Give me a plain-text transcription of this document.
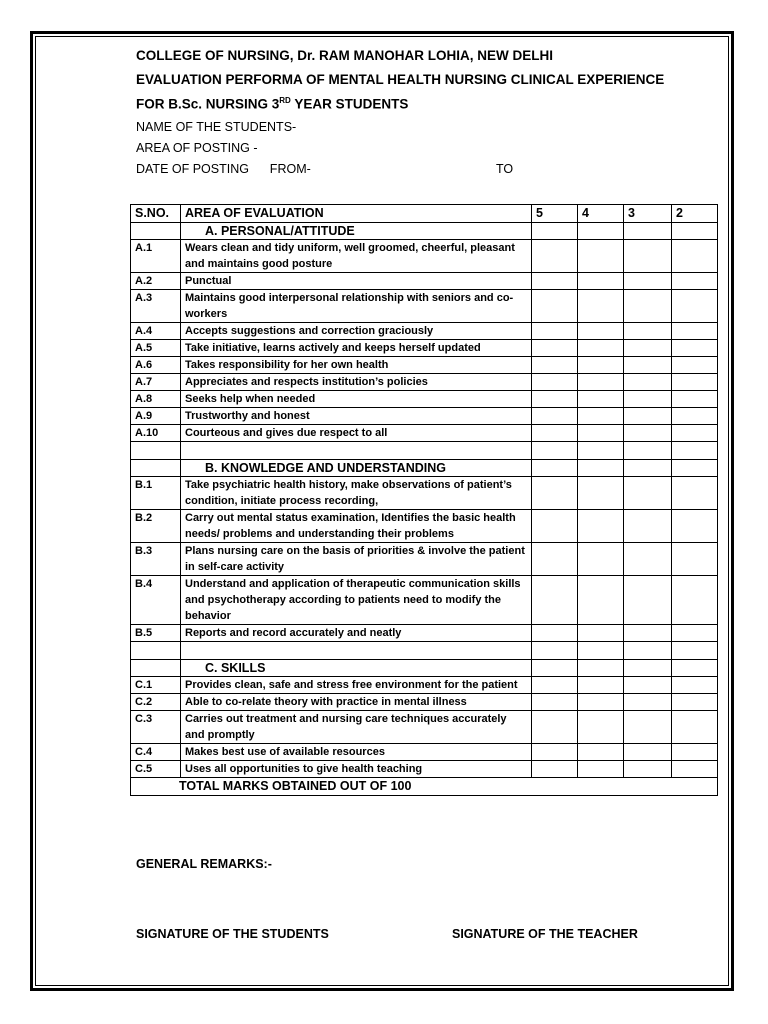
COLLEGE OF NURSING, Dr. RAM MANOHAR LOHIA, NEW DELHI
EVALUATION PERFORMA OF MENTAL HEALTH NURSING CLINICAL EXPERIENCE
FOR B.Sc. NURSING 3RD YEAR STUDENTS
NAME OF THE STUDENTS-
AREA OF POSTING -
DATE OF POSTING      FROM-	TO
S.NO.	AREA OF EVALUATION	5	4	3	2
	A. PERSONAL/ATTITUDE				
A.1	Wears clean and tidy uniform, well groomed, cheerful, pleasant and maintains good posture				
A.2	Punctual				
A.3	Maintains good interpersonal relationship with seniors and co-workers				
A.4	Accepts suggestions and correction graciously				
A.5	Take initiative, learns actively and keeps herself updated				
A.6	Takes responsibility for her own health				
A.7	Appreciates and respects institution’s policies				
A.8	Seeks help when needed				
A.9	Trustworthy and honest				
A.10	Courteous and gives due respect to all				

	B. KNOWLEDGE AND UNDERSTANDING				
B.1	Take psychiatric health history, make observations of patient’s condition, initiate process recording,				
B.2	Carry out mental status examination, Identifies the basic health needs/ problems and understanding their problems				
B.3	Plans nursing care on the basis of priorities & involve the patient in self-care activity				
B.4	Understand and application of therapeutic communication skills and psychotherapy according to patients need to modify the behavior				
B.5	Reports and record accurately and neatly				

	C. SKILLS				
C.1	Provides clean, safe and stress free environment for the patient				
C.2	Able to co-relate theory with practice in mental illness				
C.3	Carries out treatment and nursing care techniques accurately and promptly				
C.4	Makes best use of available resources				
C.5	Uses all opportunities to give health teaching				
TOTAL MARKS OBTAINED OUT OF 100					
GENERAL REMARKS:-
SIGNATURE OF THE STUDENTS	SIGNATURE OF THE TEACHER
